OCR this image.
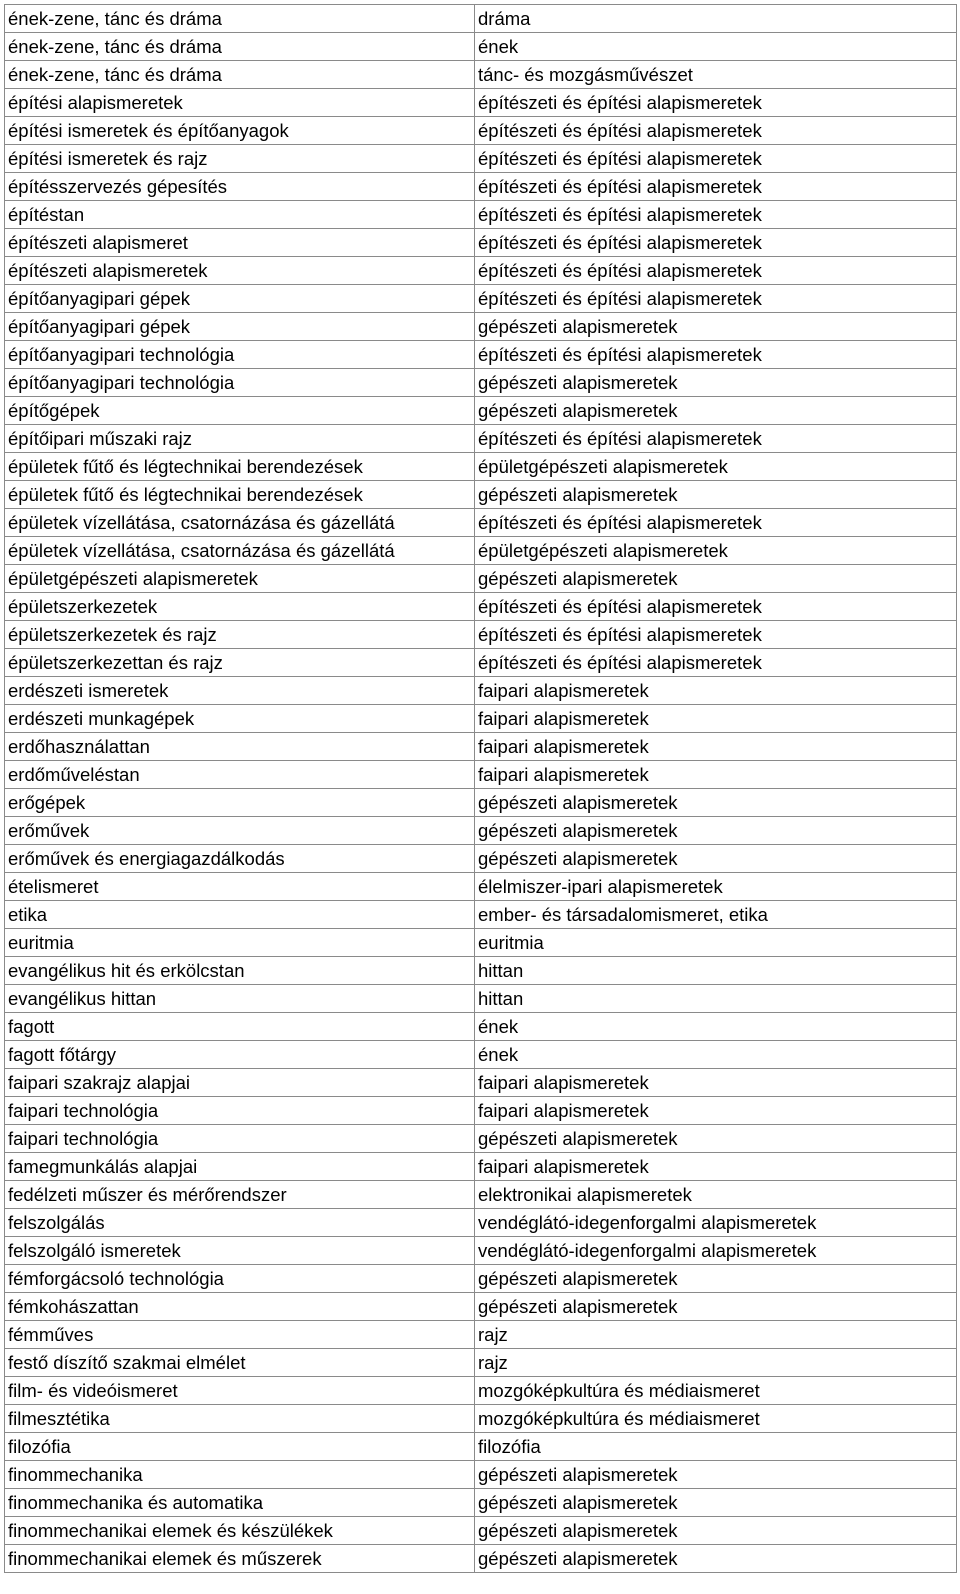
ének-zene, tánc és dráma	dráma
ének-zene, tánc és dráma	ének
ének-zene, tánc és dráma	tánc- és mozgásművészet
építési alapismeretek	építészeti és építési alapismeretek
építési ismeretek és építőanyagok	építészeti és építési alapismeretek
építési ismeretek és rajz	építészeti és építési alapismeretek
építésszervezés gépesítés	építészeti és építési alapismeretek
építéstan	építészeti és építési alapismeretek
építészeti alapismeret	építészeti és építési alapismeretek
építészeti alapismeretek	építészeti és építési alapismeretek
építőanyagipari gépek	építészeti és építési alapismeretek
építőanyagipari gépek	gépészeti alapismeretek
építőanyagipari technológia	építészeti és építési alapismeretek
építőanyagipari technológia	gépészeti alapismeretek
építőgépek	gépészeti alapismeretek
építőipari műszaki rajz	építészeti és építési alapismeretek
épületek fűtő és légtechnikai berendezések	épületgépészeti alapismeretek
épületek fűtő és légtechnikai berendezések	gépészeti alapismeretek
épületek vízellátása, csatornázása és gázellátá	építészeti és építési alapismeretek
épületek vízellátása, csatornázása és gázellátá	épületgépészeti alapismeretek
épületgépészeti alapismeretek	gépészeti alapismeretek
épületszerkezetek	építészeti és építési alapismeretek
épületszerkezetek és rajz	építészeti és építési alapismeretek
épületszerkezettan és rajz	építészeti és építési alapismeretek
erdészeti ismeretek	faipari alapismeretek
erdészeti munkagépek	faipari alapismeretek
erdőhasználattan	faipari alapismeretek
erdőműveléstan	faipari alapismeretek
erőgépek	gépészeti alapismeretek
erőművek	gépészeti alapismeretek
erőművek és energiagazdálkodás	gépészeti alapismeretek
ételismeret	élelmiszer-ipari alapismeretek
etika	ember- és társadalomismeret, etika
euritmia	euritmia
evangélikus hit és erkölcstan	hittan
evangélikus hittan	hittan
fagott	ének
fagott főtárgy	ének
faipari szakrajz alapjai	faipari alapismeretek
faipari technológia	faipari alapismeretek
faipari technológia	gépészeti alapismeretek
famegmunkálás alapjai	faipari alapismeretek
fedélzeti műszer és mérőrendszer	elektronikai alapismeretek
felszolgálás	vendéglátó-idegenforgalmi alapismeretek
felszolgáló ismeretek	vendéglátó-idegenforgalmi alapismeretek
fémforgácsoló technológia	gépészeti alapismeretek
fémkohászattan	gépészeti alapismeretek
fémműves	rajz
festő díszítő szakmai elmélet	rajz
film- és videóismeret	mozgóképkultúra és médiaismeret
filmesztétika	mozgóképkultúra és médiaismeret
filozófia	filozófia
finommechanika	gépészeti alapismeretek
finommechanika és automatika	gépészeti alapismeretek
finommechanikai elemek és készülékek	gépészeti alapismeretek
finommechanikai elemek és műszerek	gépészeti alapismeretek
